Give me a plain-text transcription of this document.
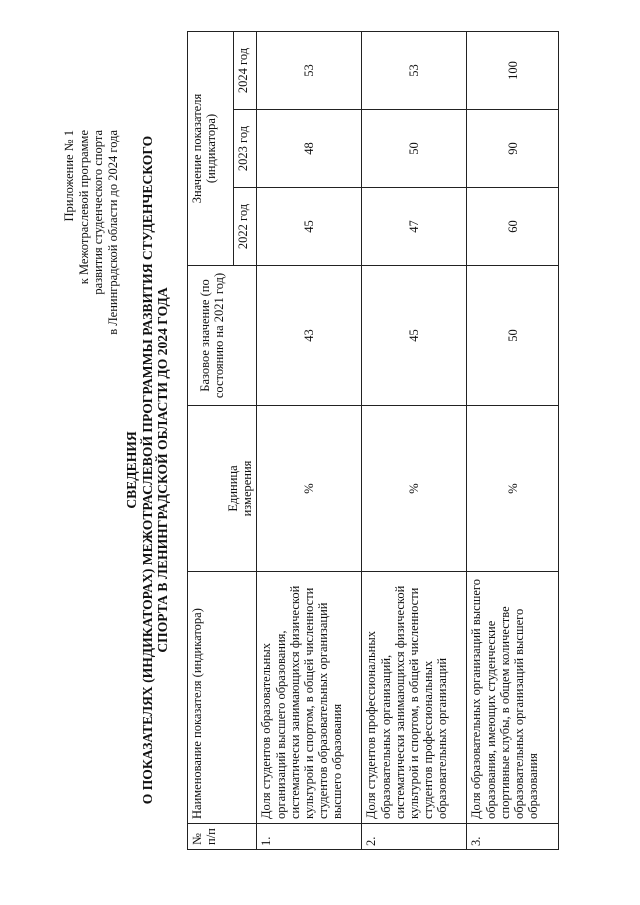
Приложение № 1 к Межотраслевой программе развития студенческого спорта в Ленинградской области до 2024 года
СВЕДЕНИЯ О ПОКАЗАТЕЛЯХ (ИНДИКАТОРАХ) МЕЖОТРАСЛЕВОЙ ПРОГРАММЫ РАЗВИТИЯ СТУДЕНЧЕСКОГО СПОРТА В ЛЕНИНГРАДСКОЙ ОБЛАСТИ ДО 2024 ГОДА
№ п/п	Наименование показателя (индикатора)	Единица измерения	Базовое значение (по состоянию на 2021 год)	Значение показателя (индикатора)		
				2022 год	2023 год	2024 год
1.	Доля студентов образовательных организаций высшего образования, систематически занимающихся физической культурой и спортом, в общей численности студентов образовательных организаций высшего образования	%	43	45	48	53
2.	Доля студентов профессиональных образовательных организаций, систематически занимающихся физической культурой и спортом, в общей численности студентов профессиональных образовательных организаций	%	45	47	50	53
3.	Доля образовательных организаций высшего образования, имеющих студенческие спортивные клубы, в общем количестве образовательных организаций высшего образования	%	50	60	90	100
